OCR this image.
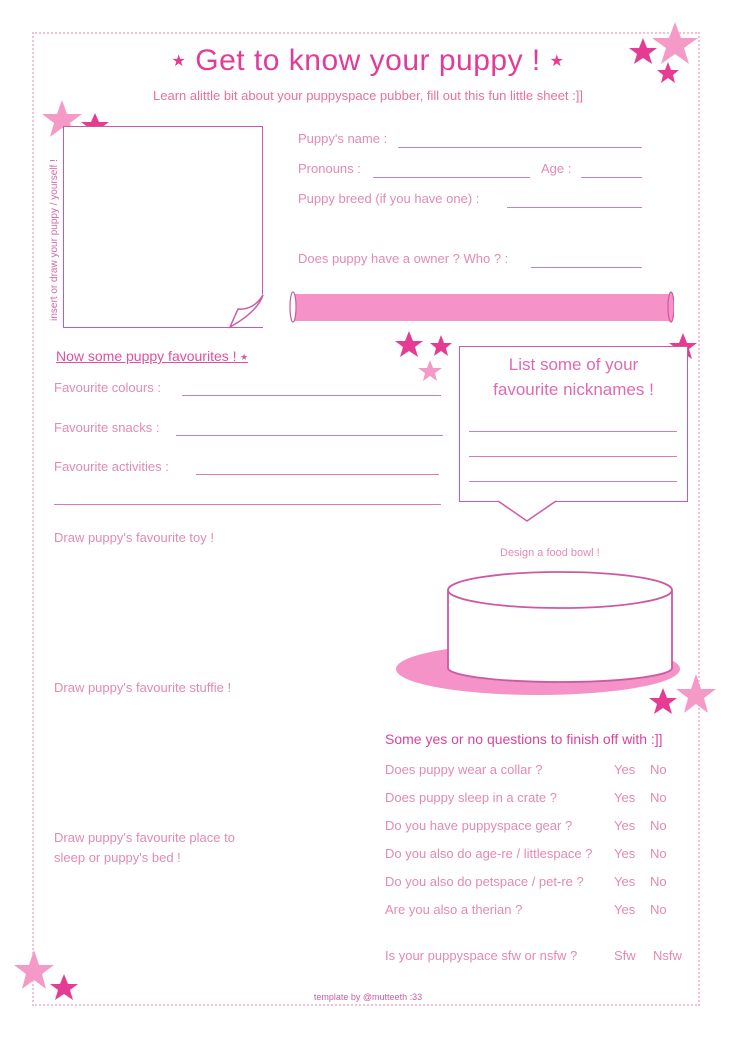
★ Get to know your puppy ! ★
Learn alittle bit about your puppyspace pubber, fill out this fun little sheet :]]
insert or draw your puppy / yourself !
Puppy's name :
Pronouns :	Age :
Puppy breed (if you have one) :
Does puppy have a owner ? Who ? :
Now some puppy favourites ! ⭑
Favourite colours :
Favourite snacks :
Favourite activities :
List some of your
favourite nicknames !
Draw puppy's favourite toy !
Draw puppy's favourite stuffie !
Draw puppy's favourite place to
sleep or puppy's bed !
Design a food bowl !
Some yes or no questions to finish off with :]]
Does puppy wear a collar ?	Yes No
Does puppy sleep in a crate ?	Yes No
Do you have puppyspace gear ?	Yes No
Do you also do age-re / littlespace ? Yes No
Do you also do petspace / pet-re ? Yes No
Are you also a therian ?	Yes No
Is your puppyspace sfw or nsfw ?	Sfw Nsfw
template by @mutteeth :33
